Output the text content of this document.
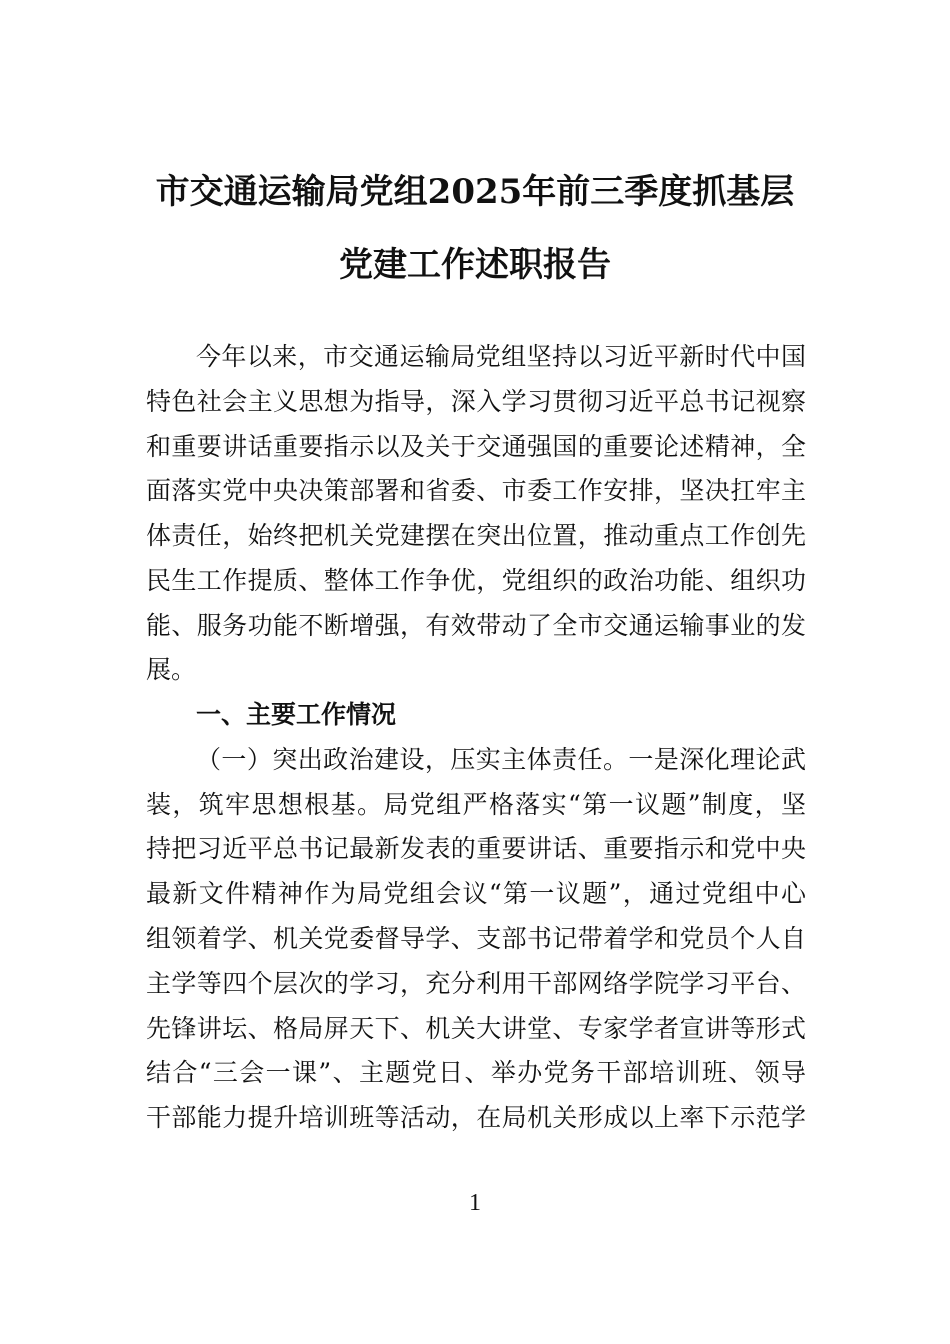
市交通运输局党组2025年前三季度抓基层
党建工作述职报告
今年以来，市交通运输局党组坚持以习近平新时代中国
特色社会主义思想为指导，深入学习贯彻习近平总书记视察
和重要讲话重要指示以及关于交通强国的重要论述精神，全
面落实党中央决策部署和省委、市委工作安排，坚决扛牢主
体责任，始终把机关党建摆在突出位置，推动重点工作创先
民生工作提质、整体工作争优，党组织的政治功能、组织功
能、服务功能不断增强，有效带动了全市交通运输事业的发
展。
一、主要工作情况
（一）突出政治建设，压实主体责任。一是深化理论武
装，筑牢思想根基。局党组严格落实“第一议题”制度，坚
持把习近平总书记最新发表的重要讲话、重要指示和党中央
最新文件精神作为局党组会议“第一议题”，通过党组中心
组领着学、机关党委督导学、支部书记带着学和党员个人自
主学等四个层次的学习，充分利用干部网络学院学习平台、
先锋讲坛、格局屏天下、机关大讲堂、专家学者宣讲等形式
结合“三会一课”、主题党日、举办党务干部培训班、领导
干部能力提升培训班等活动，在局机关形成以上率下示范学
1
